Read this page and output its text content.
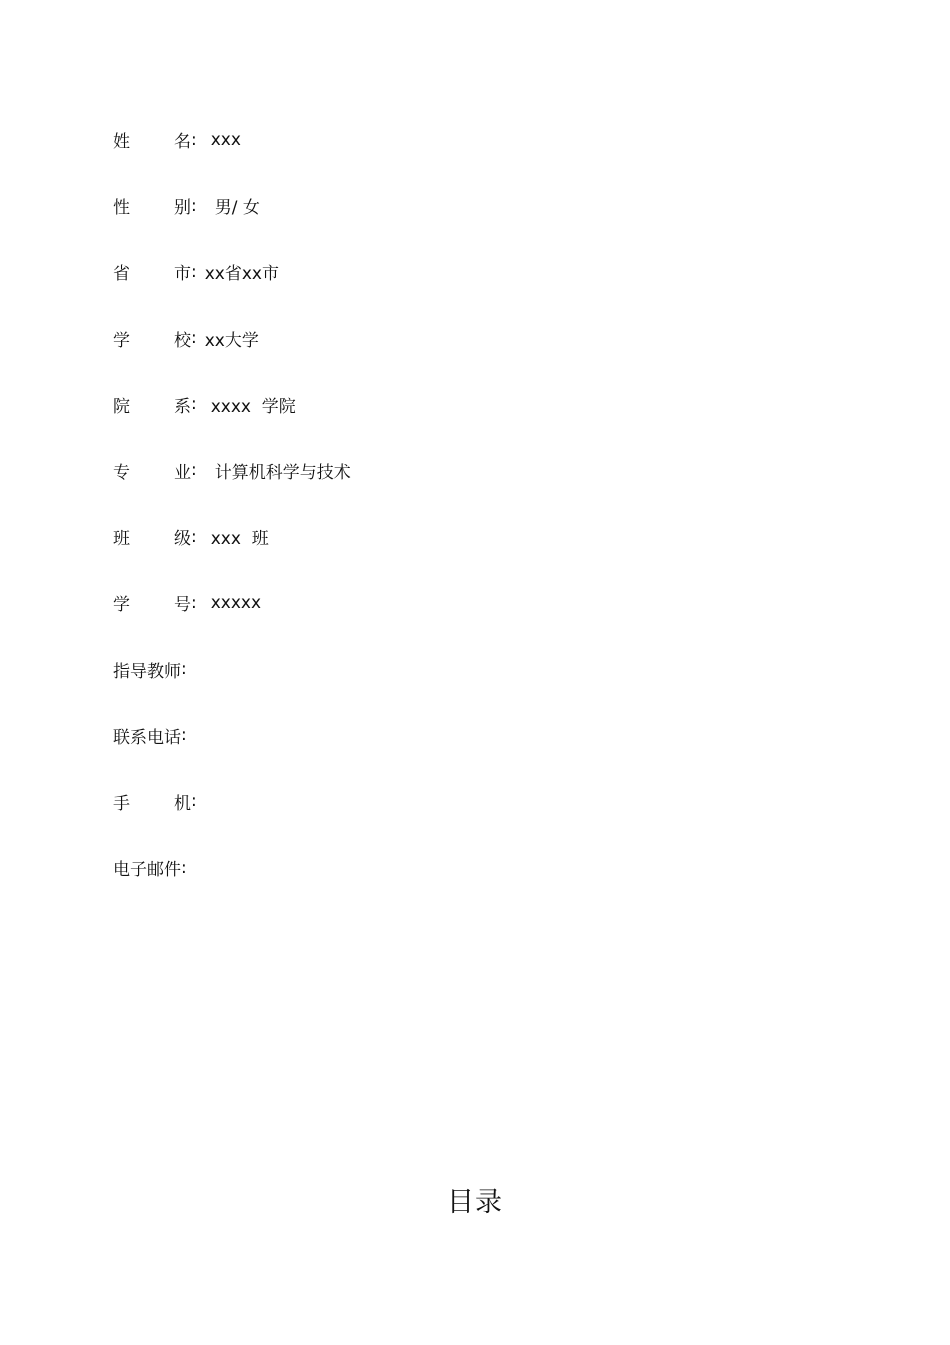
姓名 : xxx
性别 : 男/ 女
省市 : xx省xx市
学校 : xx大学
院系 : xxxx  学院
专业 : 计算机科学与技术
班级 : xxx  班
学号 : xxxxx
指导教师 :
联系电话 :
手机 :
电子邮件 :
目录
